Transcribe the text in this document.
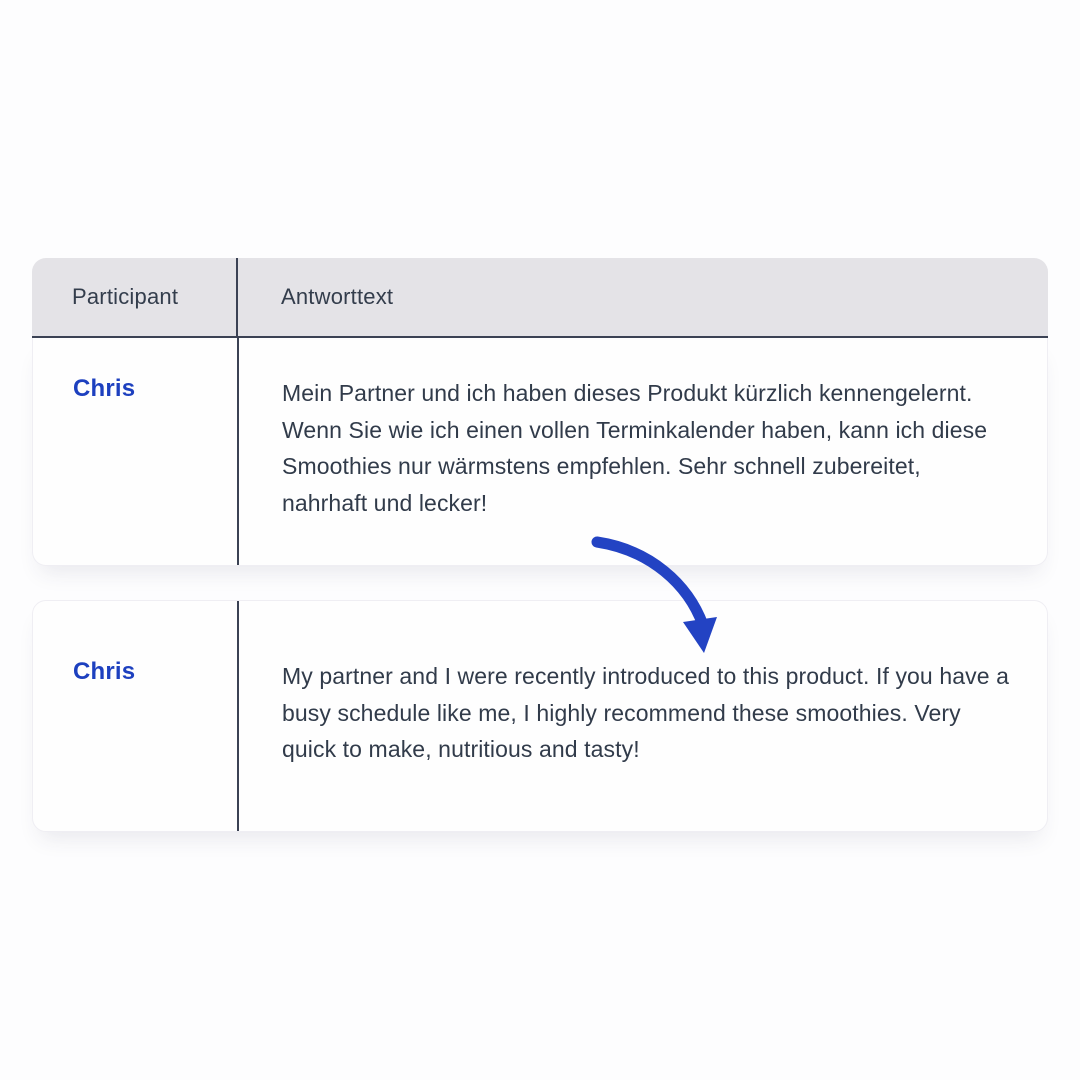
Participant	Antworttext
Chris	Mein Partner und ich haben dieses Produkt kürzlich kennengelernt. Wenn Sie wie ich einen vollen Terminkalender haben, kann ich diese Smoothies nur wärmstens empfehlen. Sehr schnell zubereitet, nahrhaft und lecker!

Chris	My partner and I were recently introduced to this product. If you have a busy schedule like me, I highly recommend these smoothies. Very quick to make, nutritious and tasty!
